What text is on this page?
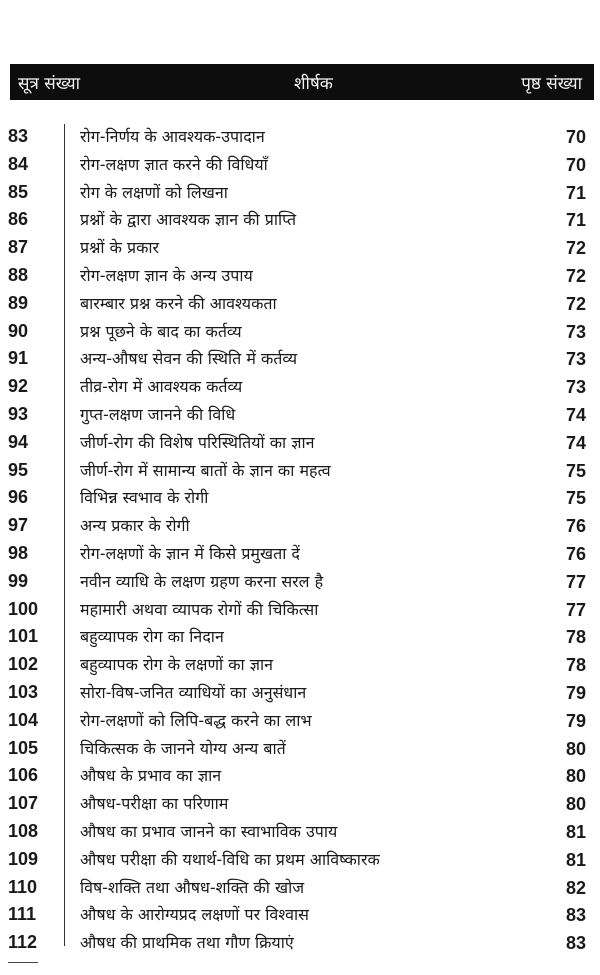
सूत्र संख्या	शीर्षक	पृष्ठ संख्या
83	रोग-निर्णय के आवश्यक-उपादान	70
84	रोग-लक्षण ज्ञात करने की विधियाँ	70
85	रोग के लक्षणों को लिखना	71
86	प्रश्नों के द्वारा आवश्यक ज्ञान की प्राप्ति	71
87	प्रश्नों के प्रकार	72
88	रोग-लक्षण ज्ञान के अन्य उपाय	72
89	बारम्बार प्रश्न करने की आवश्यकता	72
90	प्रश्न पूछने के बाद का कर्तव्य	73
91	अन्य-औषध सेवन की स्थिति में कर्तव्य	73
92	तीव्र-रोग में आवश्यक कर्तव्य	73
93	गुप्त-लक्षण जानने की विधि	74
94	जीर्ण-रोग की विशेष परिस्थितियों का ज्ञान	74
95	जीर्ण-रोग में सामान्य बातों के ज्ञान का महत्व	75
96	विभिन्न स्वभाव के रोगी	75
97	अन्य प्रकार के रोगी	76
98	रोग-लक्षणों के ज्ञान में किसे प्रमुखता दें	76
99	नवीन व्याधि के लक्षण ग्रहण करना सरल है	77
100	महामारी अथवा व्यापक रोगों की चिकित्सा	77
101	बहुव्यापक रोग का निदान	78
102	बहुव्यापक रोग के लक्षणों का ज्ञान	78
103	सोरा-विष-जनित व्याधियों का अनुसंधान	79
104	रोग-लक्षणों को लिपि-बद्ध करने का लाभ	79
105	चिकित्सक के जानने योग्य अन्य बातें	80
106	औषध के प्रभाव का ज्ञान	80
107	औषध-परीक्षा का परिणाम	80
108	औषध का प्रभाव जानने का स्वाभाविक उपाय	81
109	औषध परीक्षा की यथार्थ-विधि का प्रथम आविष्कारक	81
110	विष-शक्ति तथा औषध-शक्ति की खोज	82
111	औषध के आरोग्यप्रद लक्षणों पर विश्वास	83
112	औषध की प्राथमिक तथा गौण क्रियाएं	83
